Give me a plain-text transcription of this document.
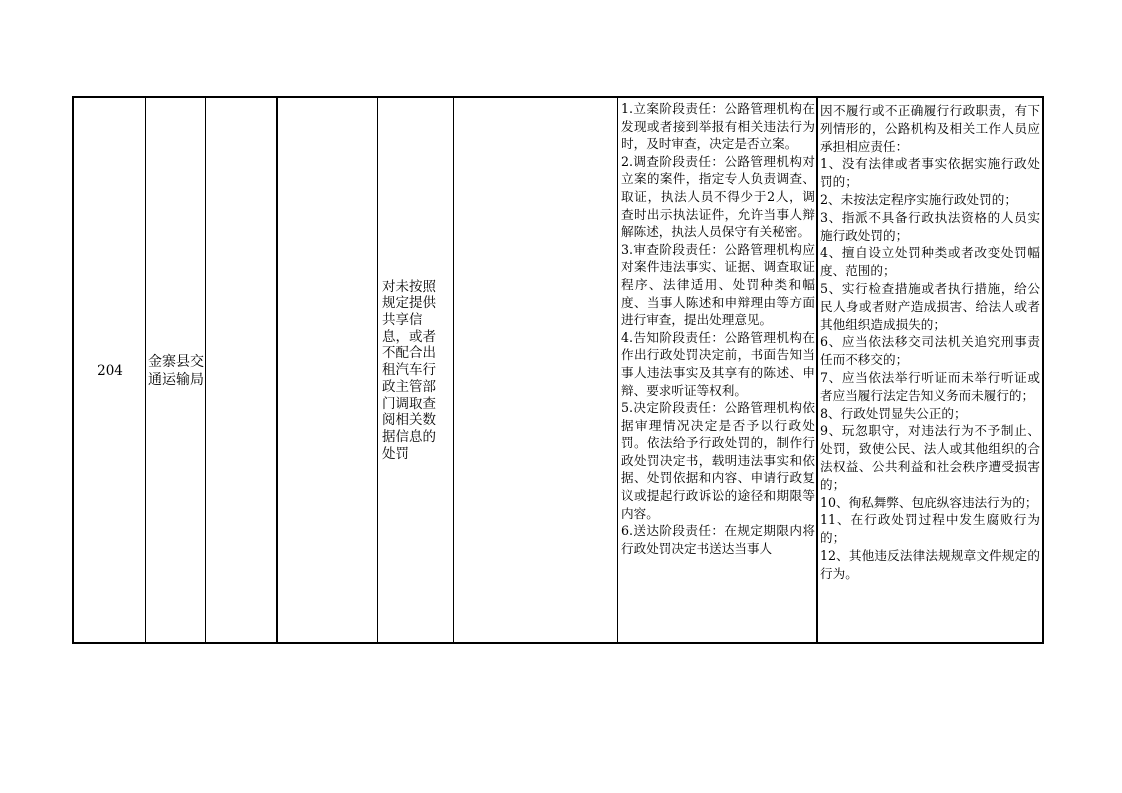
204
金寨县交通运输局
对未按照规定提供共享信息，或者不配合出租汽车行政主管部门调取查阅相关数据信息的处罚
1.立案阶段责任：公路管理机构在发现或者接到举报有相关违法行为时，及时审查，决定是否立案。
2.调查阶段责任：公路管理机构对立案的案件，指定专人负责调查、取证，执法人员不得少于2人，调查时出示执法证件，允许当事人辩解陈述，执法人员保守有关秘密。
3.审查阶段责任：公路管理机构应对案件违法事实、证据、调查取证程序、法律适用、处罚种类和幅度、当事人陈述和申辩理由等方面进行审查，提出处理意见。
4.告知阶段责任：公路管理机构在作出行政处罚决定前，书面告知当事人违法事实及其享有的陈述、申辩、要求听证等权利。
5.决定阶段责任：公路管理机构依据审理情况决定是否予以行政处罚。依法给予行政处罚的，制作行政处罚决定书，载明违法事实和依据、处罚依据和内容、申请行政复议或提起行政诉讼的途径和期限等内容。
6.送达阶段责任：在规定期限内将行政处罚决定书送达当事人
因不履行或不正确履行行政职责，有下列情形的，公路机构及相关工作人员应承担相应责任：
1、没有法律或者事实依据实施行政处罚的；
2、未按法定程序实施行政处罚的；
3、指派不具备行政执法资格的人员实施行政处罚的；
4、擅自设立处罚种类或者改变处罚幅度、范围的；
5、实行检查措施或者执行措施，给公民人身或者财产造成损害、给法人或者其他组织造成损失的；
6、应当依法移交司法机关追究刑事责任而不移交的；
7、应当依法举行听证而未举行听证或者应当履行法定告知义务而未履行的；
8、行政处罚显失公正的；
9、玩忽职守，对违法行为不予制止、处罚，致使公民、法人或其他组织的合法权益、公共利益和社会秩序遭受损害的；
10、徇私舞弊、包庇纵容违法行为的；
11、在行政处罚过程中发生腐败行为的；
12、其他违反法律法规规章文件规定的行为。
